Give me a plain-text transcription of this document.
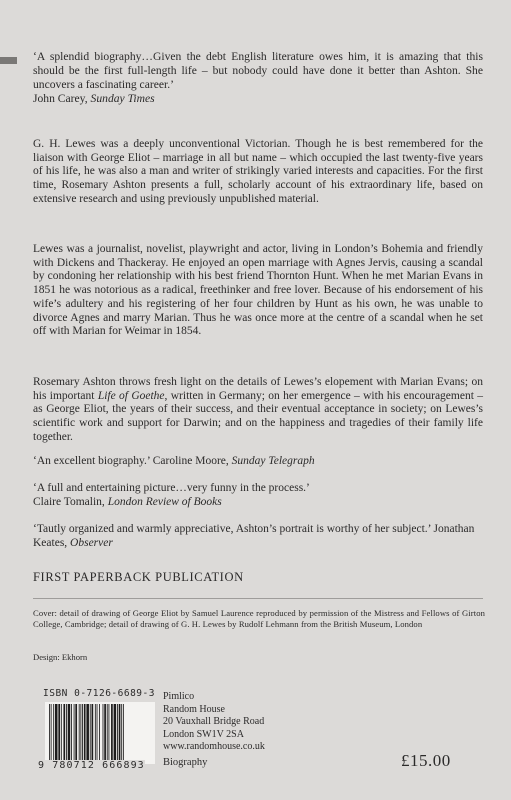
‘A splendid biography…Given the debt English literature owes him, it is amazing that this should be the first full-length life – but nobody could have done it better than Ashton. She uncovers a fascinating career.’

John Carey, Sunday Times

G. H. Lewes was a deeply unconventional Victorian. Though he is best remembered for the liaison with George Eliot – marriage in all but name – which occupied the last twenty-five years of his life, he was also a man and writer of strikingly varied interests and capacities. For the first time, Rosemary Ashton presents a full, scholarly account of his extraordinary life, based on extensive research and using previously unpublished material.

Lewes was a journalist, novelist, playwright and actor, living in London’s Bohemia and friendly with Dickens and Thackeray. He enjoyed an open marriage with Agnes Jervis, causing a scandal by condoning her relationship with his best friend Thornton Hunt. When he met Marian Evans in 1851 he was notorious as a radical, freethinker and free lover. Because of his endorsement of his wife’s adultery and his registering of her four children by Hunt as his own, he was unable to divorce Agnes and marry Marian. Thus he was once more at the centre of a scandal when he set off with Marian for Weimar in 1854.

Rosemary Ashton throws fresh light on the details of Lewes’s elopement with Marian Evans; on his important Life of Goethe, written in Germany; on her emergence – with his encouragement – as George Eliot, the years of their success, and their eventual acceptance in society; on Lewes’s scientific work and support for Darwin; and on the happiness and tragedies of their family life together.

‘An excellent biography.’ Caroline Moore, Sunday Telegraph

‘A full and entertaining picture…very funny in the process.’

Claire Tomalin, London Review of Books

‘Tautly organized and warmly appreciative, Ashton’s portrait is worthy of her subject.’ Jonathan Keates, Observer

FIRST PAPERBACK PUBLICATION
Cover: detail of drawing of George Eliot by Samuel Laurence reproduced by permission of the Mistress and Fellows of Girton College, Cambridge; detail of drawing of G. H. Lewes by Rudolf Lehmann from the British Museum, London
Design: Ekhorn
ISBN 0-7126-6689-3
9 780712 666893
Pimlico
Random House
20 Vauxhall Bridge Road
London SW1V 2SA
www.randomhouse.co.uk
Biography	£15.00
